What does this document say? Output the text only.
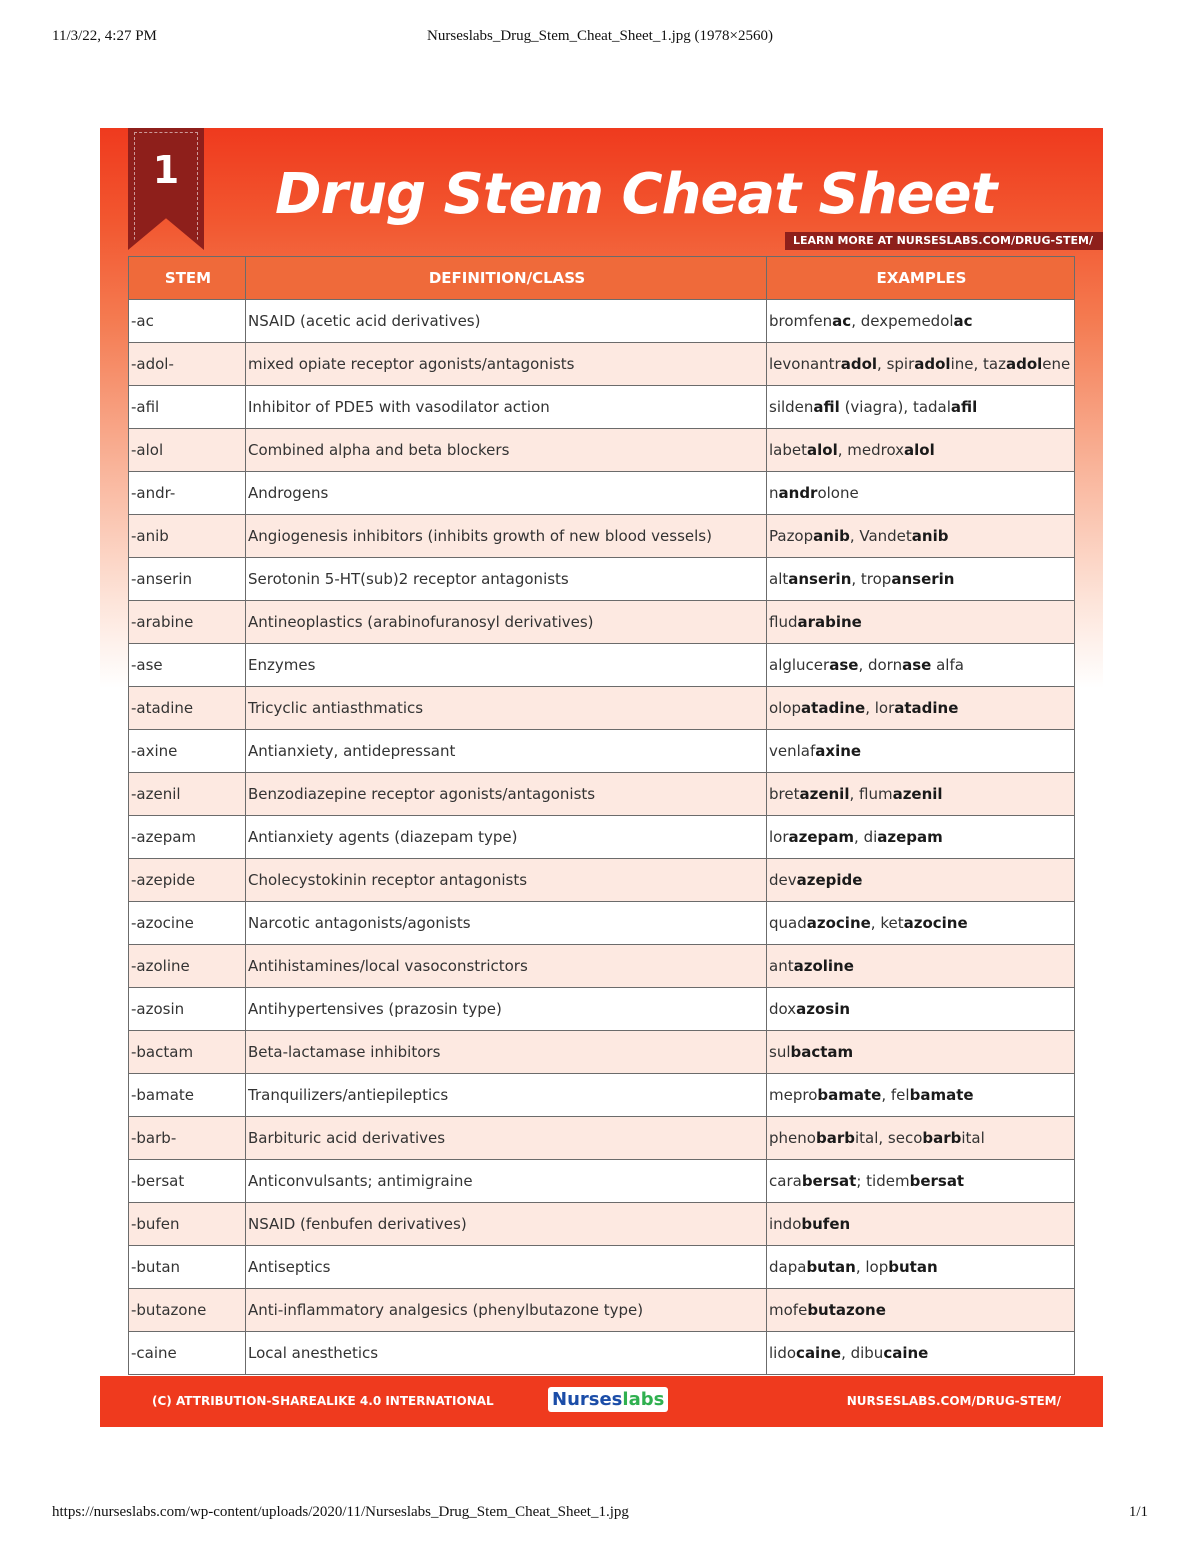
11/3/22, 4:27 PM	Nurseslabs_Drug_Stem_Cheat_Sheet_1.jpg (1978×2560)
1	Drug Stem Cheat Sheet
LEARN MORE AT NURSESLABS.COM/DRUG-STEM/
STEM	DEFINITION/CLASS	EXAMPLES
-ac	NSAID (acetic acid derivatives)	bromfenac, dexpemedolac
-adol-	mixed opiate receptor agonists/antagonists	levonantradol, spiradoline, tazadolene
-afil	Inhibitor of PDE5 with vasodilator action	sildenafil (viagra), tadalafil
-alol	Combined alpha and beta blockers	labetalol, medroxalol
-andr-	Androgens	nandrolone
-anib	Angiogenesis inhibitors (inhibits growth of new blood vessels)	Pazopanib, Vandetanib
-anserin	Serotonin 5-HT(sub)2 receptor antagonists	altanserin, tropanserin
-arabine	Antineoplastics (arabinofuranosyl derivatives)	fludarabine
-ase	Enzymes	alglucerase, dornase alfa
-atadine	Tricyclic antiasthmatics	olopatadine, loratadine
-axine	Antianxiety, antidepressant	venlafaxine
-azenil	Benzodiazepine receptor agonists/antagonists	bretazenil, flumazenil
-azepam	Antianxiety agents (diazepam type)	lorazepam, diazepam
-azepide	Cholecystokinin receptor antagonists	devazepide
-azocine	Narcotic antagonists/agonists	quadazocine, ketazocine
-azoline	Antihistamines/local vasoconstrictors	antazoline
-azosin	Antihypertensives (prazosin type)	doxazosin
-bactam	Beta-lactamase inhibitors	sulbactam
-bamate	Tranquilizers/antiepileptics	meprobamate, felbamate
-barb-	Barbituric acid derivatives	phenobarbital, secobarbital
-bersat	Anticonvulsants; antimigraine	carabersat; tidembersat
-bufen	NSAID (fenbufen derivatives)	indobufen
-butan	Antiseptics	dapabutan, lopbutan
-butazone	Anti-inflammatory analgesics (phenylbutazone type)	mofebutazone
-caine	Local anesthetics	lidocaine, dibucaine
(C) ATTRIBUTION-SHAREALIKE 4.0 INTERNATIONAL	Nurseslabs	NURSESLABS.COM/DRUG-STEM/
https://nurseslabs.com/wp-content/uploads/2020/11/Nurseslabs_Drug_Stem_Cheat_Sheet_1.jpg	1/1
